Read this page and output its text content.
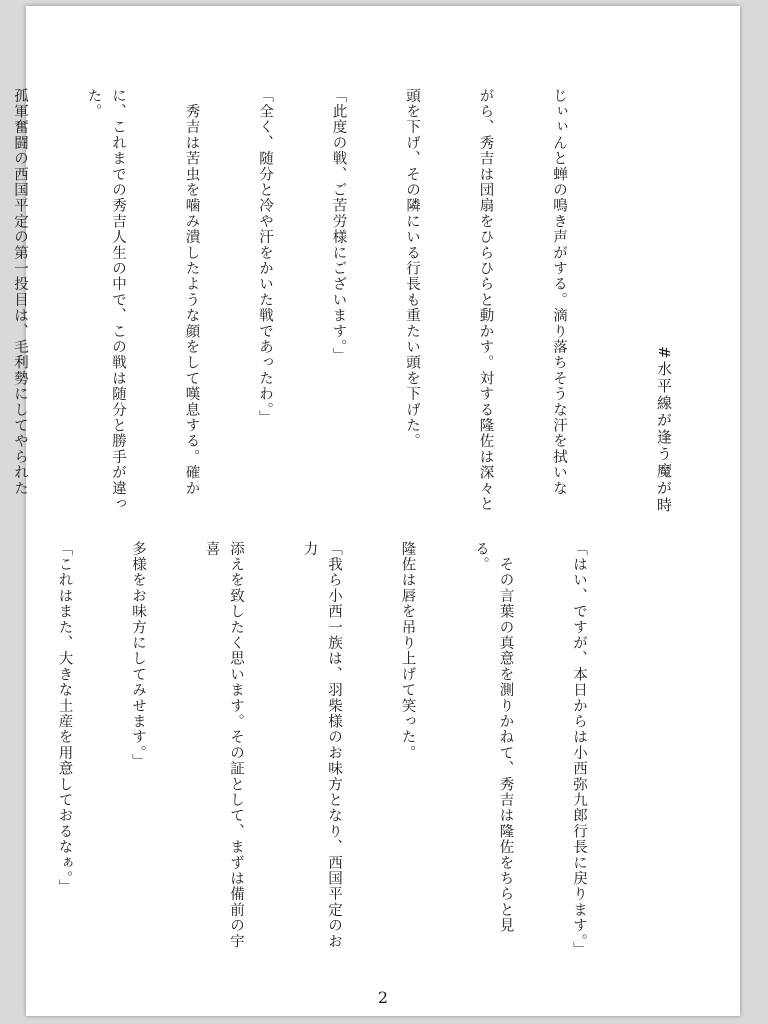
#水平線が逢う魔が時

じぃぃんと蝉の鳴き声がする。滴り落ちそうな汗を拭いな

がら、秀吉は団扇をひらひらと動かす。対する隆佐は深々と

頭を下げ、その隣にいる行長も重たい頭を下げた。

「此度の戦、ご苦労様にございます。」

「全く、随分と冷や汗をかいた戦であったわ。」

　秀吉は苦虫を噛み潰したような顔をして嘆息する。確か

に、これまでの秀吉人生の中で、この戦は随分と勝手が違った。

孤軍奮闘の西国平定の第一投目は、毛利勢にしてやられた

「はい、ですが、本日からは小西弥九郎行長に戻ります。」

　その言葉の真意を測りかねて、秀吉は隆佐をちらと見る。

隆佐は唇を吊り上げて笑った。

「我ら小西一族は、羽柴様のお味方となり、西国平定のお力

添えを致したく思います。その証として、まずは備前の宇喜

多様をお味方にしてみせます。」

「これはまた、大きな土産を用意しておるなぁ。」

2
